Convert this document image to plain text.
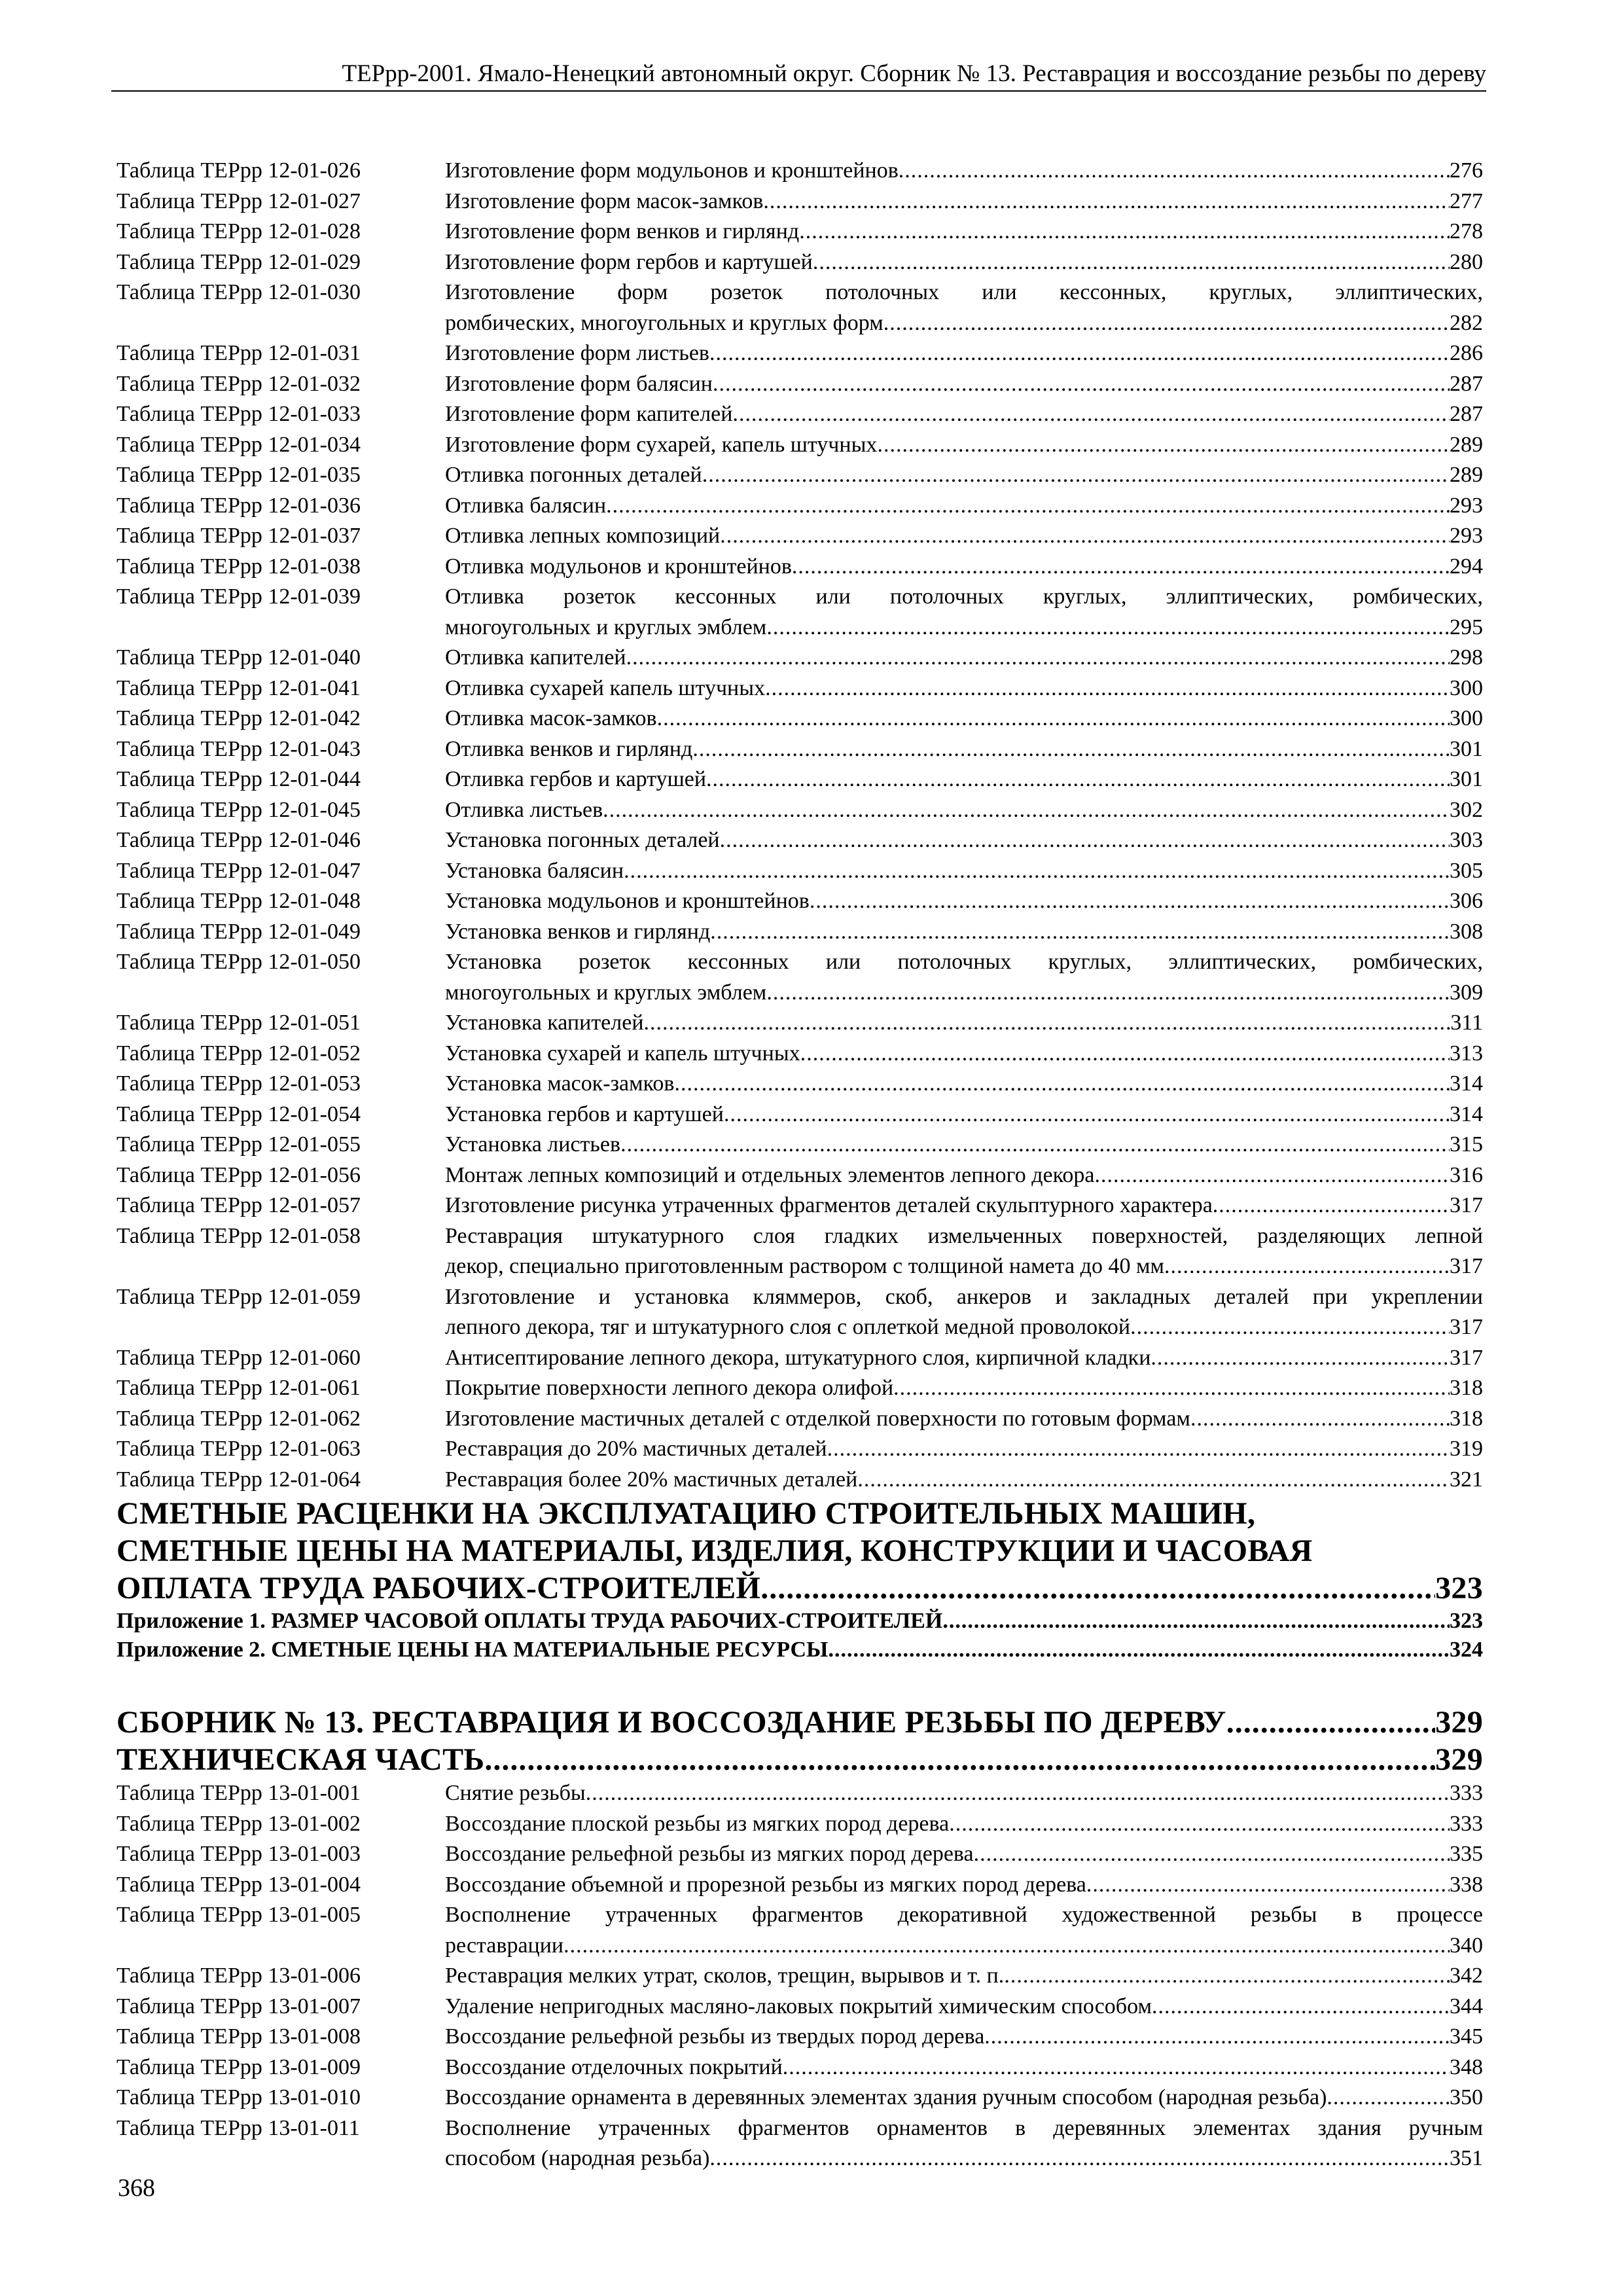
ТЕРрр-2001. Ямало-Ненецкий автономный округ. Сборник № 13. Реставрация и воссоздание резьбы по дереву
Таблица ТЕРрр 12-01-026	Изготовление форм модульонов и кронштейнов .....	276
Таблица ТЕРрр 12-01-027	Изготовление форм масок-замков .....	277
Таблица ТЕРрр 12-01-028	Изготовление форм венков и гирлянд .....	278
Таблица ТЕРрр 12-01-029	Изготовление форм гербов и картушей .....	280
Таблица ТЕРрр 12-01-030	Изготовление форм розеток потолочных или кессонных, круглых, эллиптических,
ромбических, многоугольных и круглых форм .....	282
Таблица ТЕРрр 12-01-031	Изготовление форм листьев .....	286
Таблица ТЕРрр 12-01-032	Изготовление форм балясин .....	287
Таблица ТЕРрр 12-01-033	Изготовление форм капителей .....	287
Таблица ТЕРрр 12-01-034	Изготовление форм сухарей, капель штучных .....	289
Таблица ТЕРрр 12-01-035	Отливка погонных деталей .....	289
Таблица ТЕРрр 12-01-036	Отливка балясин .....	293
Таблица ТЕРрр 12-01-037	Отливка лепных композиций .....	293
Таблица ТЕРрр 12-01-038	Отливка модульонов и кронштейнов .....	294
Таблица ТЕРрр 12-01-039	Отливка розеток кессонных или потолочных круглых, эллиптических, ромбических,
многоугольных и круглых эмблем .....	295
Таблица ТЕРрр 12-01-040	Отливка капителей .....	298
Таблица ТЕРрр 12-01-041	Отливка сухарей капель штучных .....	300
Таблица ТЕРрр 12-01-042	Отливка масок-замков .....	300
Таблица ТЕРрр 12-01-043	Отливка венков и гирлянд .....	301
Таблица ТЕРрр 12-01-044	Отливка гербов и картушей .....	301
Таблица ТЕРрр 12-01-045	Отливка листьев .....	302
Таблица ТЕРрр 12-01-046	Установка погонных деталей .....	303
Таблица ТЕРрр 12-01-047	Установка балясин .....	305
Таблица ТЕРрр 12-01-048	Установка модульонов и кронштейнов .....	306
Таблица ТЕРрр 12-01-049	Установка венков и гирлянд .....	308
Таблица ТЕРрр 12-01-050	Установка розеток кессонных или потолочных круглых, эллиптических, ромбических,
многоугольных и круглых эмблем .....	309
Таблица ТЕРрр 12-01-051	Установка капителей .....	311
Таблица ТЕРрр 12-01-052	Установка сухарей и капель штучных .....	313
Таблица ТЕРрр 12-01-053	Установка масок-замков .....	314
Таблица ТЕРрр 12-01-054	Установка гербов и картушей .....	314
Таблица ТЕРрр 12-01-055	Установка листьев .....	315
Таблица ТЕРрр 12-01-056	Монтаж лепных композиций и отдельных элементов лепного декора .....	316
Таблица ТЕРрр 12-01-057	Изготовление рисунка утраченных фрагментов деталей скульптурного характера .....	317
Таблица ТЕРрр 12-01-058	Реставрация штукатурного слоя гладких измельченных поверхностей, разделяющих лепной
декор, специально приготовленным раствором с толщиной намета до 40 мм .....	317
Таблица ТЕРрр 12-01-059	Изготовление и установка кляммеров, скоб, анкеров и закладных деталей при укреплении
лепного декора, тяг и штукатурного слоя с оплеткой медной проволокой .....	317
Таблица ТЕРрр 12-01-060	Антисептирование лепного декора, штукатурного слоя, кирпичной кладки .....	317
Таблица ТЕРрр 12-01-061	Покрытие поверхности лепного декора олифой .....	318
Таблица ТЕРрр 12-01-062	Изготовление мастичных деталей с отделкой поверхности по готовым формам .....	318
Таблица ТЕРрр 12-01-063	Реставрация до 20% мастичных деталей .....	319
Таблица ТЕРрр 12-01-064	Реставрация более 20% мастичных деталей .....	321
СМЕТНЫЕ РАСЦЕНКИ НА ЭКСПЛУАТАЦИЮ СТРОИТЕЛЬНЫХ МАШИН,
СМЕТНЫЕ ЦЕНЫ НА МАТЕРИАЛЫ, ИЗДЕЛИЯ, КОНСТРУКЦИИ И ЧАСОВАЯ
ОПЛАТА ТРУДА РАБОЧИХ-СТРОИТЕЛЕЙ .....	323
Приложение 1. РАЗМЕР ЧАСОВОЙ ОПЛАТЫ ТРУДА РАБОЧИХ-СТРОИТЕЛЕЙ .....	323
Приложение 2. СМЕТНЫЕ ЦЕНЫ НА МАТЕРИАЛЬНЫЕ РЕСУРСЫ .....	324
СБОРНИК № 13. РЕСТАВРАЦИЯ И ВОССОЗДАНИЕ РЕЗЬБЫ ПО ДЕРЕВУ .....	329
ТЕХНИЧЕСКАЯ ЧАСТЬ .....	329
Таблица ТЕРрр 13-01-001	Снятие резьбы .....	333
Таблица ТЕРрр 13-01-002	Воссоздание плоской резьбы из мягких пород дерева .....	333
Таблица ТЕРрр 13-01-003	Воссоздание рельефной резьбы из мягких пород дерева .....	335
Таблица ТЕРрр 13-01-004	Воссоздание объемной и прорезной резьбы из мягких пород дерева .....	338
Таблица ТЕРрр 13-01-005	Восполнение утраченных фрагментов декоративной художественной резьбы в процессе
реставрации .....	340
Таблица ТЕРрр 13-01-006	Реставрация мелких утрат, сколов, трещин, вырывов и т. п. .....	342
Таблица ТЕРрр 13-01-007	Удаление непригодных масляно-лаковых покрытий химическим способом .....	344
Таблица ТЕРрр 13-01-008	Воссоздание рельефной резьбы из твердых пород дерева .....	345
Таблица ТЕРрр 13-01-009	Воссоздание отделочных покрытий .....	348
Таблица ТЕРрр 13-01-010	Воссоздание орнамента в деревянных элементах здания ручным способом (народная резьба) .....	350
Таблица ТЕРрр 13-01-011	Восполнение утраченных фрагментов орнаментов в деревянных элементах здания ручным
способом (народная резьба) .....	351
368
